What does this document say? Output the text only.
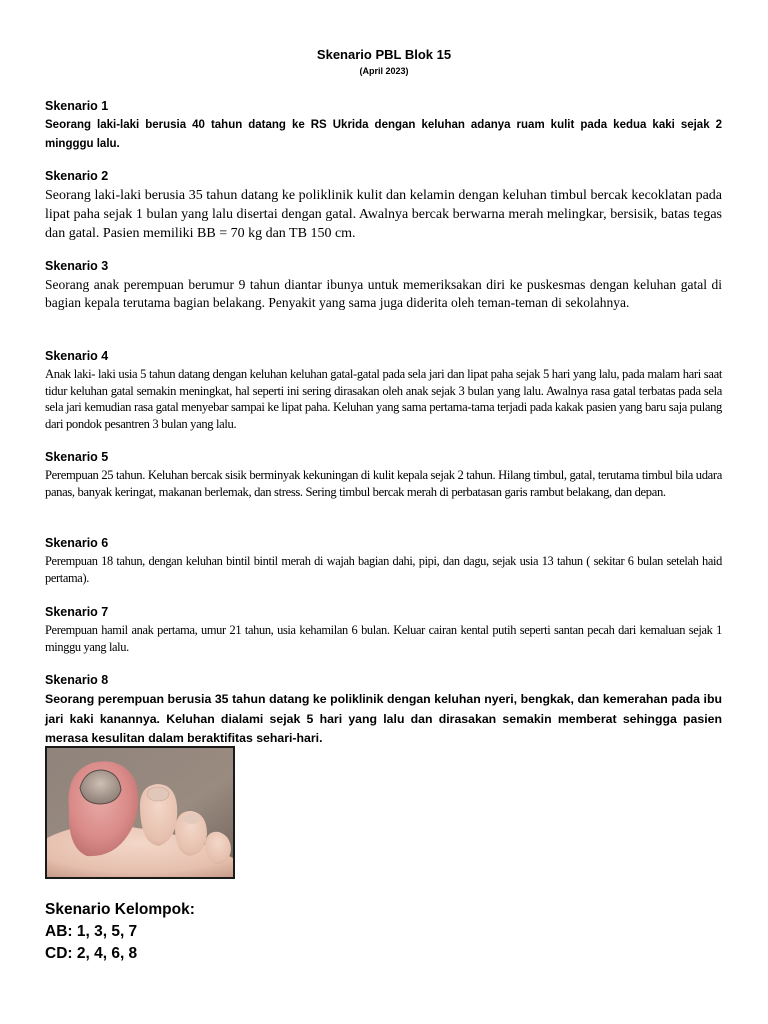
Skenario PBL Blok 15
(April 2023)
Skenario 1

Seorang laki-laki berusia 40 tahun datang ke RS Ukrida dengan keluhan adanya ruam kulit pada kedua kaki sejak 2 mingggu lalu.

Skenario 2

Seorang laki-laki berusia 35 tahun datang ke poliklinik kulit dan kelamin dengan keluhan timbul bercak kecoklatan pada lipat paha sejak 1 bulan yang lalu disertai dengan gatal. Awalnya bercak berwarna merah melingkar, bersisik, batas tegas dan gatal. Pasien memiliki BB = 70 kg dan TB 150 cm.

Skenario 3

Seorang anak perempuan berumur 9 tahun diantar ibunya untuk memeriksakan diri ke puskesmas dengan keluhan gatal di bagian kepala terutama bagian belakang. Penyakit yang sama juga diderita oleh teman-teman di sekolahnya.

Skenario 4

Anak laki- laki usia 5 tahun datang dengan keluhan keluhan gatal-gatal pada sela jari dan lipat paha sejak 5 hari yang lalu, pada malam hari saat tidur keluhan gatal semakin meningkat, hal seperti ini sering dirasakan oleh anak sejak 3 bulan yang lalu. Awalnya rasa gatal terbatas pada sela sela jari kemudian rasa gatal menyebar sampai ke lipat paha. Keluhan yang sama pertama-tama terjadi pada kakak pasien yang baru saja pulang dari pondok pesantren 3 bulan yang lalu.

Skenario 5

Perempuan 25 tahun. Keluhan bercak sisik berminyak kekuningan di kulit kepala sejak 2 tahun. Hilang timbul, gatal, terutama timbul bila udara panas, banyak keringat, makanan berlemak, dan stress. Sering timbul bercak merah di perbatasan garis rambut belakang, dan depan.

Skenario 6

Perempuan 18 tahun, dengan keluhan bintil bintil merah di wajah bagian dahi, pipi, dan dagu, sejak usia 13 tahun ( sekitar 6 bulan setelah haid pertama).

Skenario 7

Perempuan hamil anak pertama, umur 21 tahun, usia kehamilan 6 bulan. Keluar cairan kental putih seperti santan pecah dari kemaluan sejak 1 minggu yang lalu.

Skenario 8

Seorang perempuan berusia 35 tahun datang ke poliklinik dengan keluhan nyeri, bengkak, dan kemerahan pada ibu jari kaki kanannya. Keluhan dialami sejak 5 hari yang lalu dan dirasakan semakin memberat sehingga pasien merasa kesulitan dalam beraktifitas sehari-hari.

Skenario Kelompok:
AB: 1, 3, 5, 7
CD: 2, 4, 6, 8
